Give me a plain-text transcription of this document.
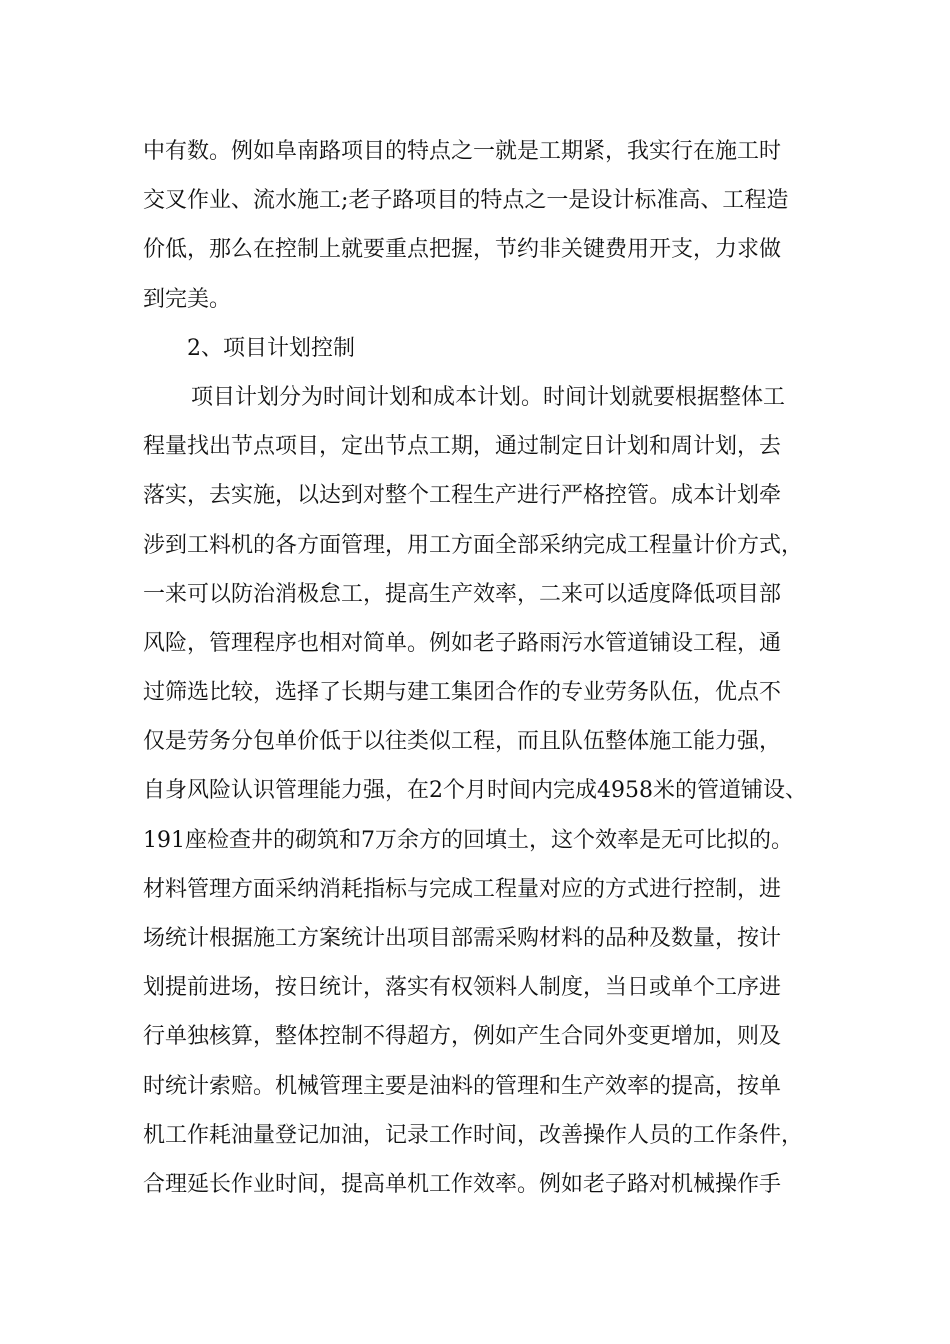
中有数。例如阜南路项目的特点之一就是工期紧，我实行在施工时
交叉作业、流水施工;老子路项目的特点之一是设计标准高、工程造
价低，那么在控制上就要重点把握，节约非关键费用开支，力求做
到完美。
2、项目计划控制
项目计划分为时间计划和成本计划。时间计划就要根据整体工
程量找出节点项目，定出节点工期，通过制定日计划和周计划，去
落实，去实施，以达到对整个工程生产进行严格控管。成本计划牵
涉到工料机的各方面管理，用工方面全部采纳完成工程量计价方式，
一来可以防治消极怠工，提高生产效率，二来可以适度降低项目部
风险，管理程序也相对简单。例如老子路雨污水管道铺设工程，通
过筛选比较，选择了长期与建工集团合作的专业劳务队伍，优点不
仅是劳务分包单价低于以往类似工程，而且队伍整体施工能力强，
自身风险认识管理能力强，在2个月时间内完成4958米的管道铺设、
191座检查井的砌筑和7万余方的回填土，这个效率是无可比拟的。
材料管理方面采纳消耗指标与完成工程量对应的方式进行控制，进
场统计根据施工方案统计出项目部需采购材料的品种及数量，按计
划提前进场，按日统计，落实有权领料人制度，当日或单个工序进
行单独核算，整体控制不得超方，例如产生合同外变更增加，则及
时统计索赔。机械管理主要是油料的管理和生产效率的提高，按单
机工作耗油量登记加油，记录工作时间，改善操作人员的工作条件，
合理延长作业时间，提高单机工作效率。例如老子路对机械操作手
